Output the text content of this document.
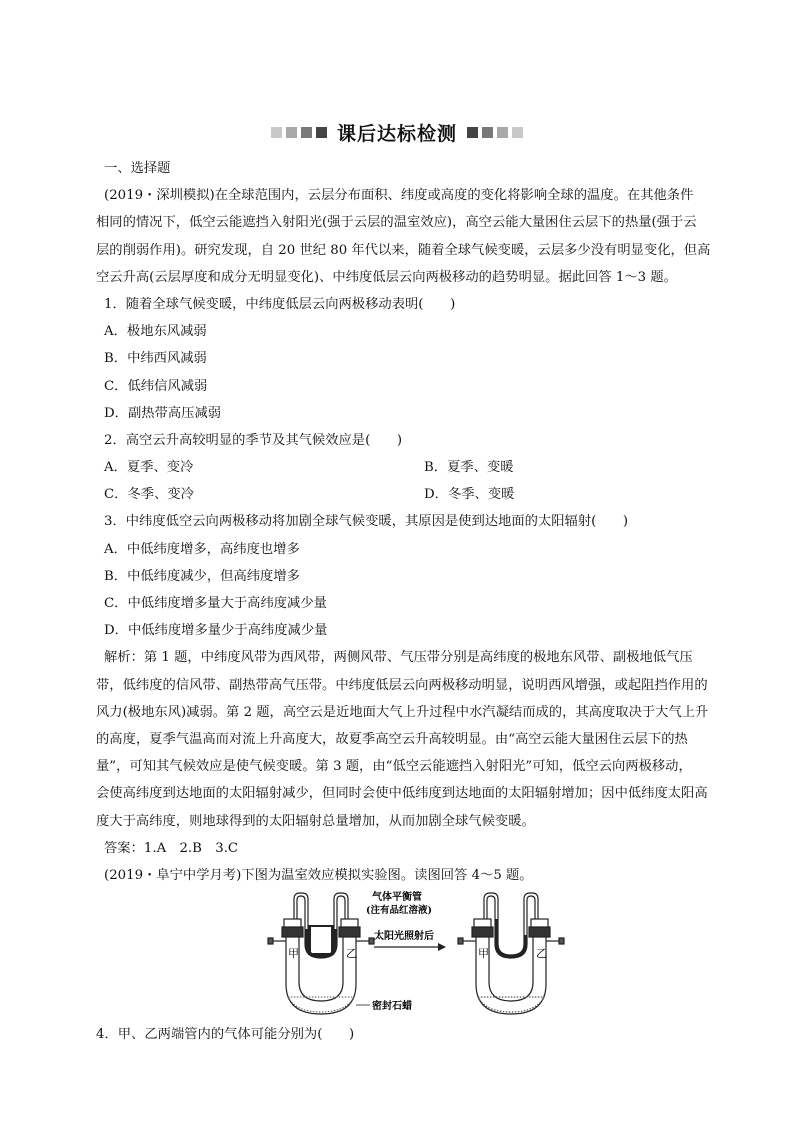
课后达标检测
一、选择题
(2019・深圳模拟)在全球范围内，云层分布面积、纬度或高度的变化将影响全球的温度。在其他条件
相同的情况下，低空云能遮挡入射阳光(强于云层的温室效应)，高空云能大量困住云层下的热量(强于云
层的削弱作用)。研究发现，自 20 世纪 80 年代以来，随着全球气候变暖，云层多少没有明显变化，但高
空云升高(云层厚度和成分无明显变化)、中纬度低层云向两极移动的趋势明显。据此回答 1～3 题。
1．随着全球气候变暖，中纬度低层云向两极移动表明(　　)
A．极地东风减弱
B．中纬西风减弱
C．低纬信风减弱
D．副热带高压减弱
2．高空云升高较明显的季节及其气候效应是(　　)
A．夏季、变冷	B．夏季、变暖
C．冬季、变冷	D．冬季、变暖
3．中纬度低空云向两极移动将加剧全球气候变暖，其原因是使到达地面的太阳辐射(　　)
A．中低纬度增多，高纬度也增多
B．中低纬度减少，但高纬度增多
C．中低纬度增多量大于高纬度减少量
D．中低纬度增多量少于高纬度减少量
解析：第 1 题，中纬度风带为西风带，两侧风带、气压带分别是高纬度的极地东风带、副极地低气压
带，低纬度的信风带、副热带高气压带。中纬度低层云向两极移动明显，说明西风增强，或起阻挡作用的
风力(极地东风)减弱。第 2 题，高空云是近地面大气上升过程中水汽凝结而成的，其高度取决于大气上升
的高度，夏季气温高而对流上升高度大，故夏季高空云升高较明显。由“高空云能大量困住云层下的热
量”，可知其气候效应是使气候变暖。第 3 题，由“低空云能遮挡入射阳光”可知，低空云向两极移动，
会使高纬度到达地面的太阳辐射减少，但同时会使中低纬度到达地面的太阳辐射增加；因中低纬度太阳高
度大于高纬度，则地球得到的太阳辐射总量增加，从而加剧全球气候变暖。
答案：1.A　2.B　3.C
(2019・阜宁中学月考)下图为温室效应模拟实验图。读图回答 4～5 题。
甲	乙
气体平衡管
(注有品红溶液)
太阳光照射后
密封石蜡
甲	乙
4．甲、乙两端管内的气体可能分别为(　　)
